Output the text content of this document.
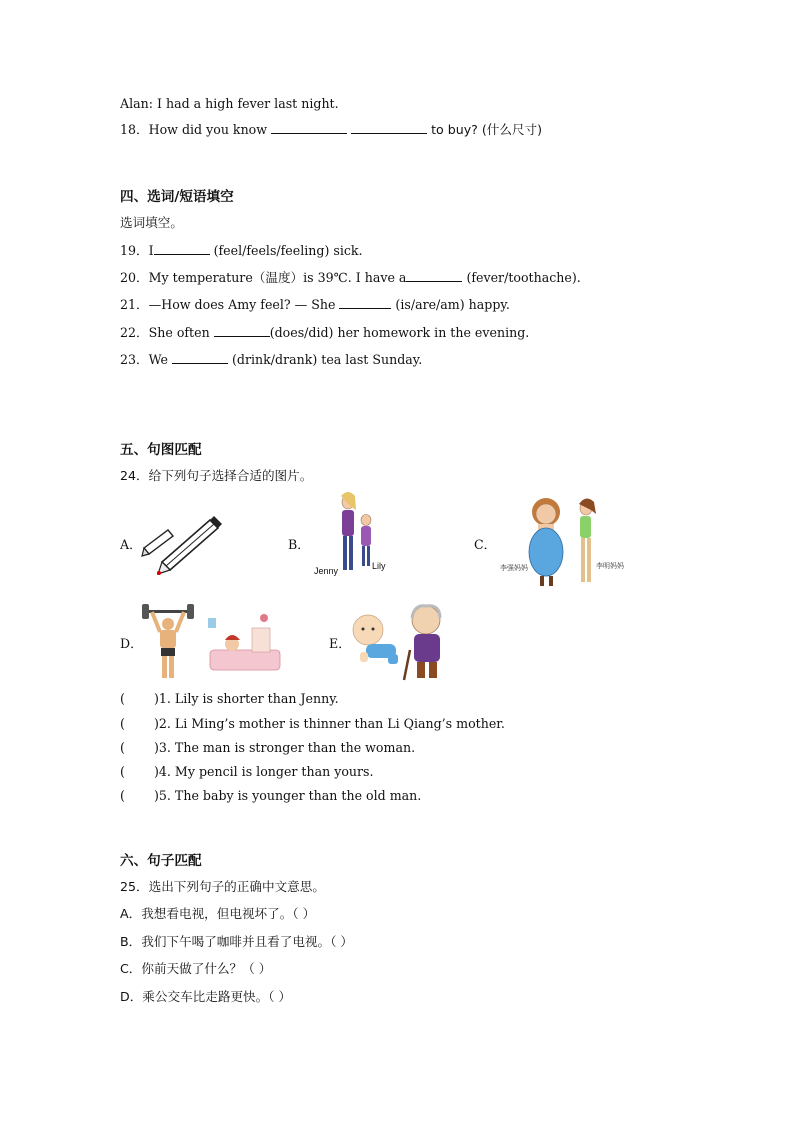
Alan: I had a high fever last night.
18．How did you know	to buy? (什么尺寸)
四、选词/短语填空
选词填空。
19．I	(feel/feels/feeling) sick.
20．My temperature（温度）is 39℃. I have a	(fever/toothache).
21．—How does Amy feel? — She	(is/are/am) happy.
22．She often	(does/did) her homework in the evening.
23．We	(drink/drank) tea last Sunday.
五、句图匹配
24．给下列句子选择合适的图片。
A．	B．
Jenny	Lily
C．
李强妈妈	李明妈妈
D．	E．
( )1. Lily is shorter than Jenny.
( )2. Li Ming’s mother is thinner than Li Qiang’s mother.
( )3. The man is stronger than the woman.
( )4. My pencil is longer than yours.
( )5. The baby is younger than the old man.
六、句子匹配
25．选出下列句子的正确中文意思。
A．我想看电视，但电视坏了。（ ）
B．我们下午喝了咖啡并且看了电视。（ ）
C．你前天做了什么？（ ）
D．乘公交车比走路更快。（ ）
